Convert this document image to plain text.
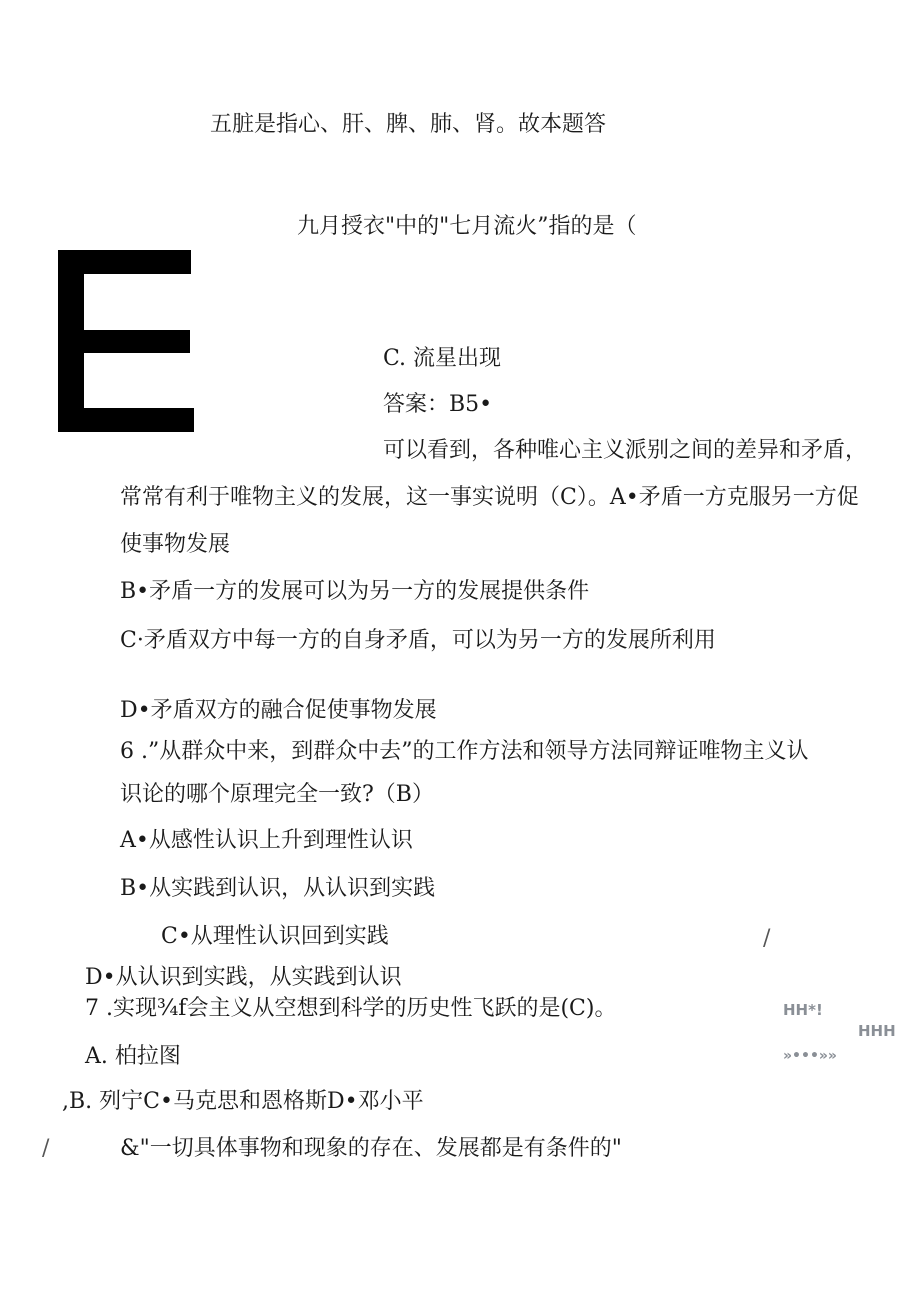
五脏是指心、肝、脾、肺、肾。故本题答
九月授衣"中的"七月流火”指的是（
C. 流星出现
答案：B5•
可以看到，各种唯心主义派别之间的差异和矛盾，
常常有利于唯物主义的发展，这一事实说明（C）。A•矛盾一方克服另一方促
使事物发展
B•矛盾一方的发展可以为另一方的发展提供条件
C·矛盾双方中每一方的自身矛盾，可以为另一方的发展所利用
D•矛盾双方的融合促使事物发展
6 .”从群众中来，到群众中去”的工作方法和领导方法同辩证唯物主义认
识论的哪个原理完全一致?（B）
A•从感性认识上升到理性认识
B•从实践到认识，从认识到实践
C•从理性认识回到实践
D•从认识到实践，从实践到认识
7 .实现¾f会主义从空想到科学的历史性飞跃的是(C)。
A. 柏拉图
,B. 列宁C•马克思和恩格斯D•邓小平
&"一切具体事物和现象的存在、发展都是有条件的"
/
/
HH*!
HHH
»•••»»
